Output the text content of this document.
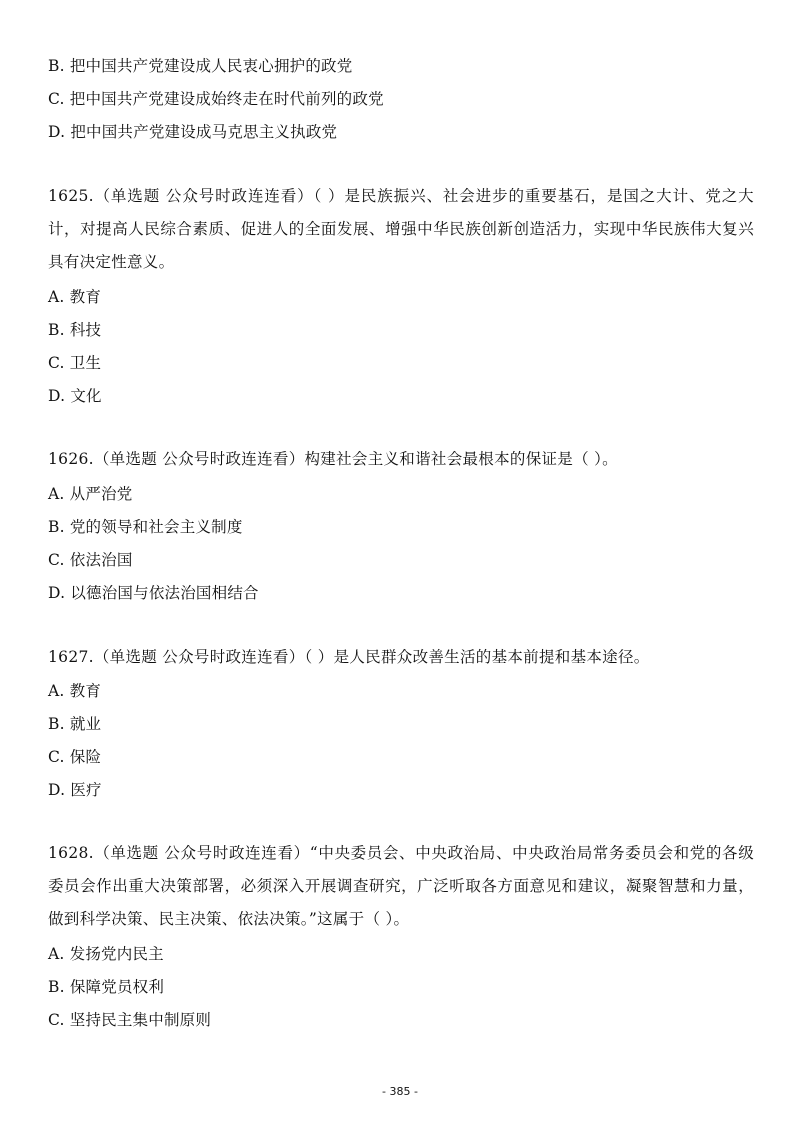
B. 把中国共产党建设成人民衷心拥护的政党
C. 把中国共产党建设成始终走在时代前列的政党
D. 把中国共产党建设成马克思主义执政党
1625.（单选题 公众号时政连连看）（ ）是民族振兴、社会进步的重要基石，是国之大计、党之大计，对提高人民综合素质、促进人的全面发展、增强中华民族创新创造活力，实现中华民族伟大复兴具有决定性意义。
A. 教育
B. 科技
C. 卫生
D. 文化
1626.（单选题 公众号时政连连看）构建社会主义和谐社会最根本的保证是（ ）。
A. 从严治党
B. 党的领导和社会主义制度
C. 依法治国
D. 以德治国与依法治国相结合
1627.（单选题 公众号时政连连看）（ ）是人民群众改善生活的基本前提和基本途径。
A. 教育
B. 就业
C. 保险
D. 医疗
1628.（单选题 公众号时政连连看）“中央委员会、中央政治局、中央政治局常务委员会和党的各级委员会作出重大决策部署，必须深入开展调查研究，广泛听取各方面意见和建议，凝聚智慧和力量，做到科学决策、民主决策、依法决策。”这属于（ ）。
A. 发扬党内民主
B. 保障党员权利
C. 坚持民主集中制原则
- 385 -
